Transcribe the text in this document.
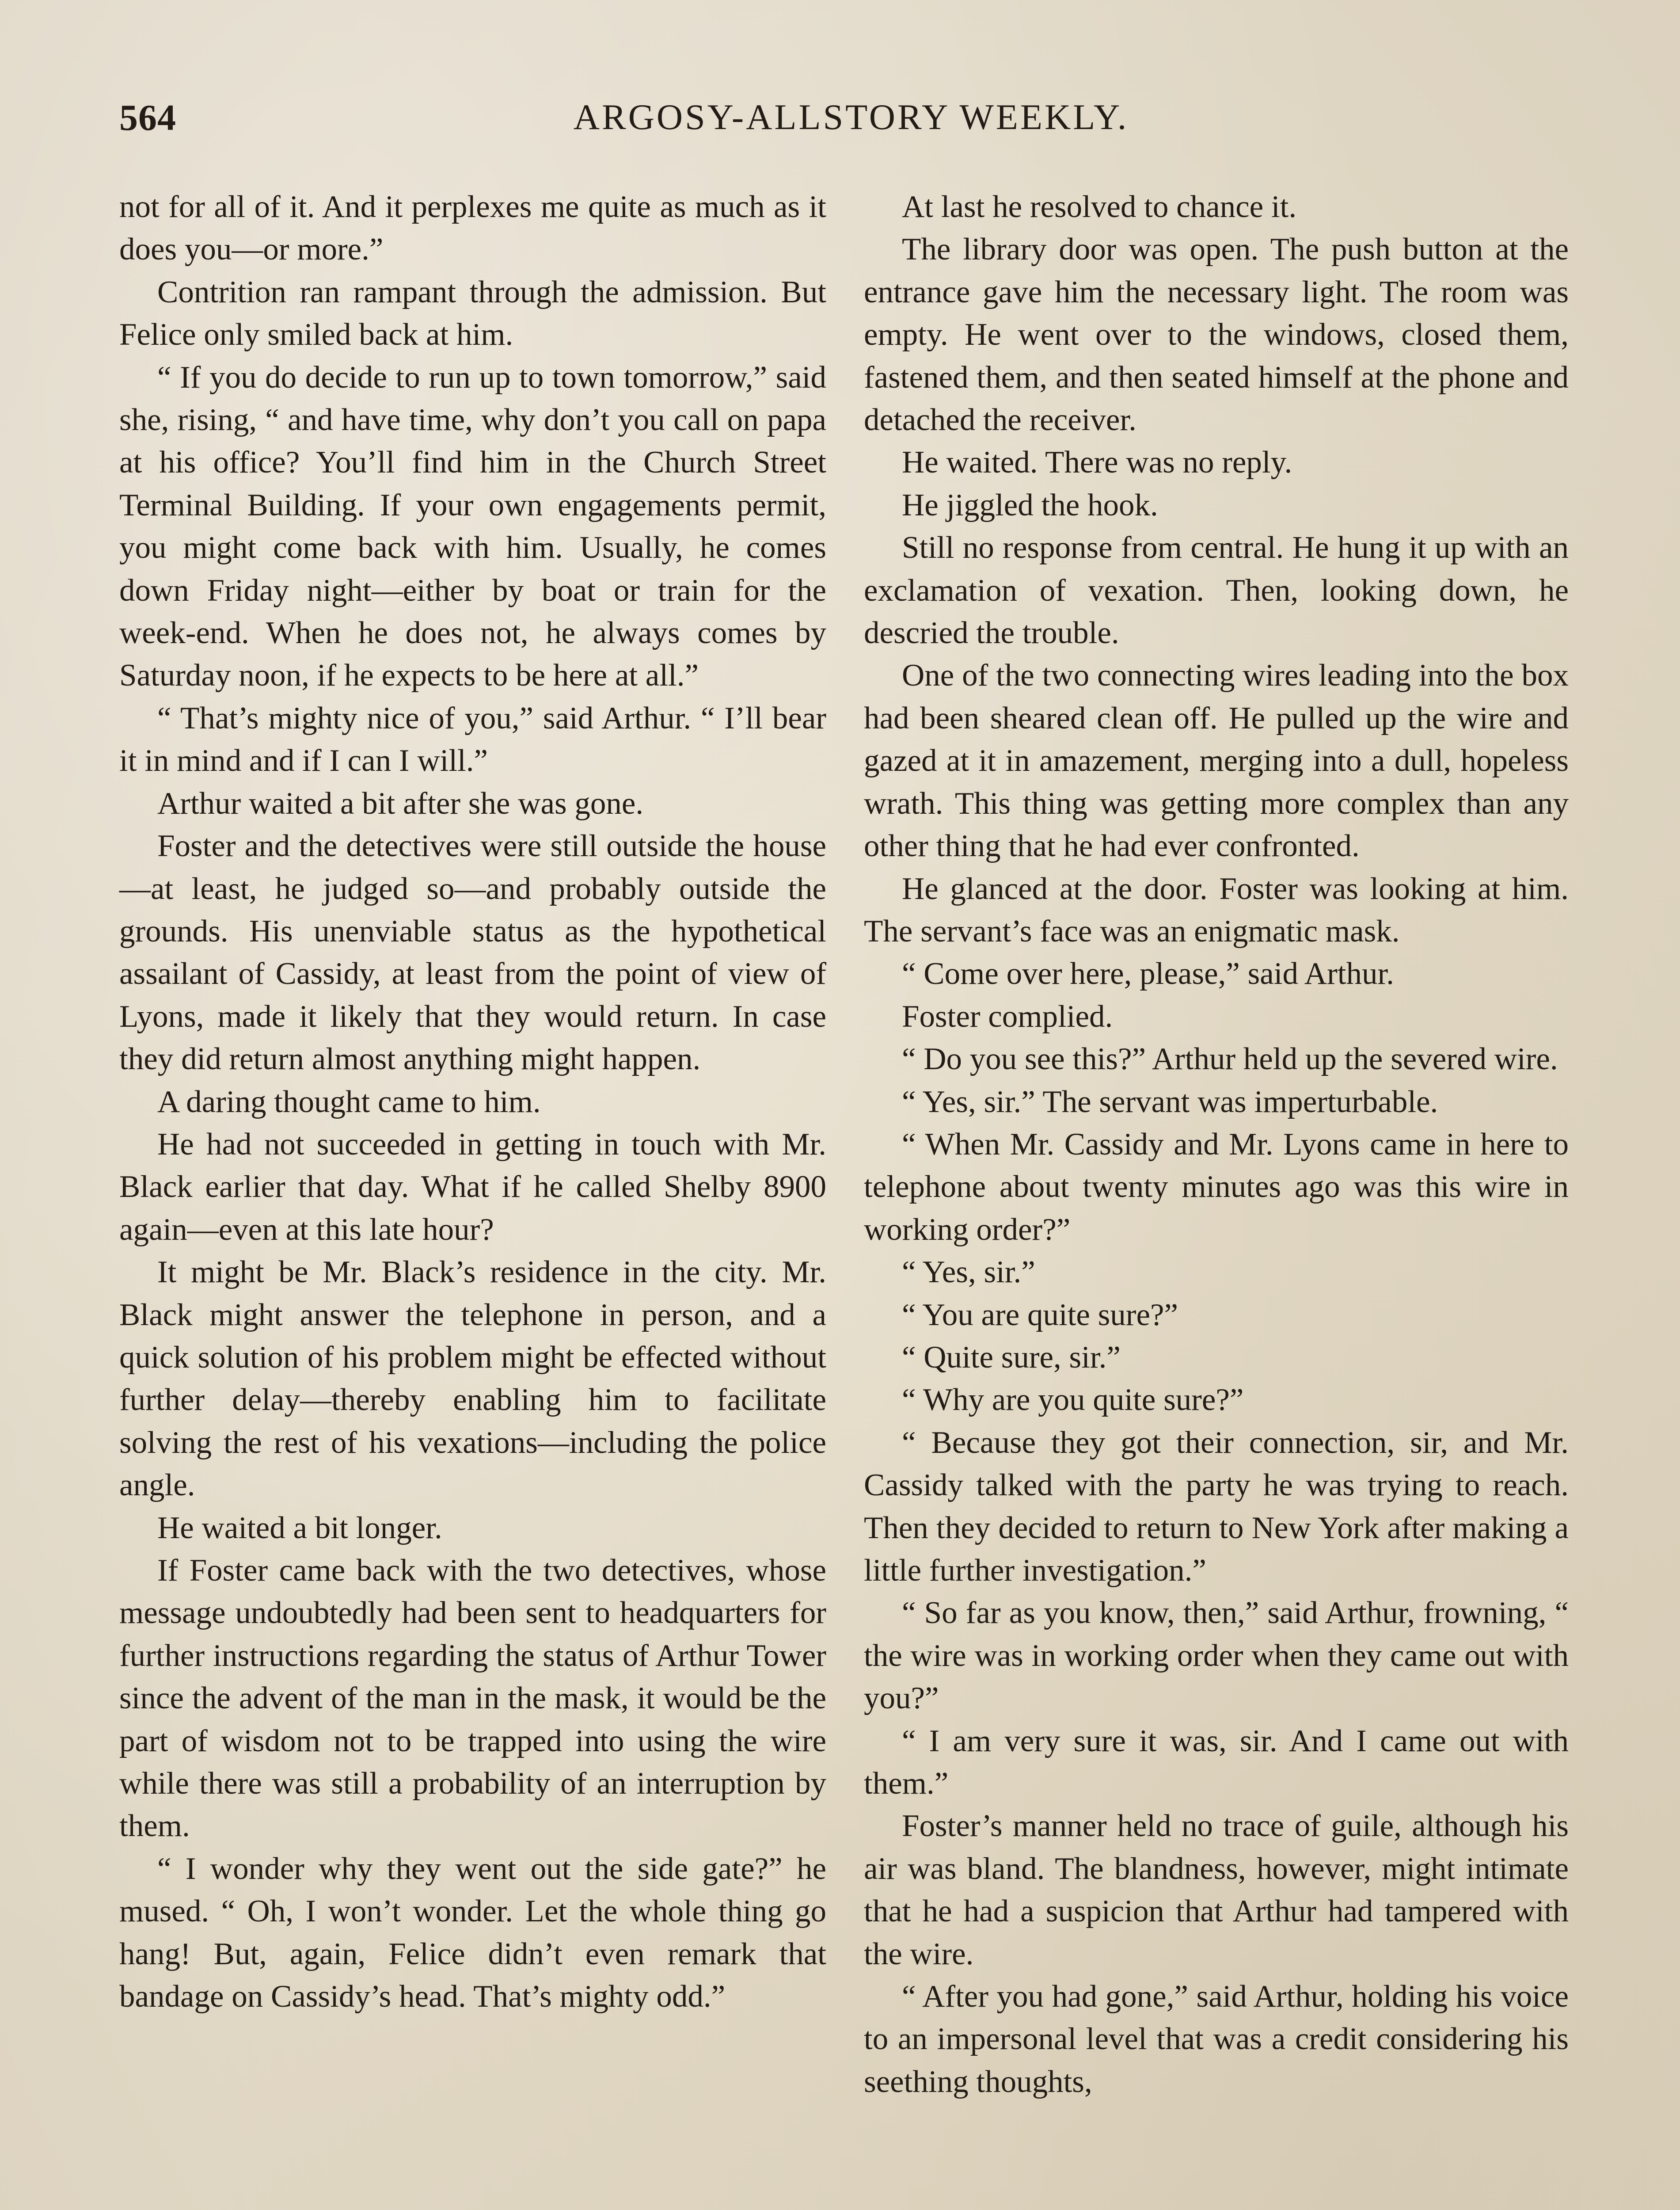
564	ARGOSY-ALLSTORY WEEKLY.

not for all of it. And it perplexes me quite as much as it does you—or more.”

Contrition ran rampant through the admission. But Felice only smiled back at him.

“ If you do decide to run up to town tomorrow,” said she, rising, “ and have time, why don’t you call on papa at his office? You’ll find him in the Church Street Terminal Building. If your own engagements permit, you might come back with him. Usually, he comes down Friday night—either by boat or train for the week-end. When he does not, he always comes by Saturday noon, if he expects to be here at all.”

“ That’s mighty nice of you,” said Arthur. “ I’ll bear it in mind and if I can I will.”

Arthur waited a bit after she was gone.

Foster and the detectives were still outside the house—at least, he judged so—and probably outside the grounds. His unenviable status as the hypothetical assailant of Cassidy, at least from the point of view of Lyons, made it likely that they would return. In case they did return almost anything might happen.

A daring thought came to him.

He had not succeeded in getting in touch with Mr. Black earlier that day. What if he called Shelby 8900 again—even at this late hour?

It might be Mr. Black’s residence in the city. Mr. Black might answer the telephone in person, and a quick solution of his problem might be effected without further delay—thereby enabling him to facilitate solving the rest of his vexations—including the police angle.

He waited a bit longer.

If Foster came back with the two detectives, whose message undoubtedly had been sent to headquarters for further instructions regarding the status of Arthur Tower since the advent of the man in the mask, it would be the part of wisdom not to be trapped into using the wire while there was still a probability of an interruption by them.

“ I wonder why they went out the side gate?” he mused. “ Oh, I won’t wonder. Let the whole thing go hang! But, again, Felice didn’t even remark that bandage on Cassidy’s head. That’s mighty odd.”

At last he resolved to chance it.

The library door was open. The push button at the entrance gave him the necessary light. The room was empty. He went over to the windows, closed them, fastened them, and then seated himself at the phone and detached the receiver.

He waited. There was no reply.

He jiggled the hook.

Still no response from central. He hung it up with an exclamation of vexation. Then, looking down, he descried the trouble.

One of the two connecting wires leading into the box had been sheared clean off. He pulled up the wire and gazed at it in amazement, merging into a dull, hopeless wrath. This thing was getting more complex than any other thing that he had ever confronted.

He glanced at the door. Foster was looking at him. The servant’s face was an enigmatic mask.

“ Come over here, please,” said Arthur.

Foster complied.

“ Do you see this?” Arthur held up the severed wire.

“ Yes, sir.” The servant was imperturbable.

“ When Mr. Cassidy and Mr. Lyons came in here to telephone about twenty minutes ago was this wire in working order?”

“ Yes, sir.”

“ You are quite sure?”

“ Quite sure, sir.”

“ Why are you quite sure?”

“ Because they got their connection, sir, and Mr. Cassidy talked with the party he was trying to reach. Then they decided to return to New York after making a little further investigation.”

“ So far as you know, then,” said Arthur, frowning, “ the wire was in working order when they came out with you?”

“ I am very sure it was, sir. And I came out with them.”

Foster’s manner held no trace of guile, although his air was bland. The blandness, however, might intimate that he had a suspicion that Arthur had tampered with the wire.

“ After you had gone,” said Arthur, holding his voice to an impersonal level that was a credit considering his seething thoughts,
